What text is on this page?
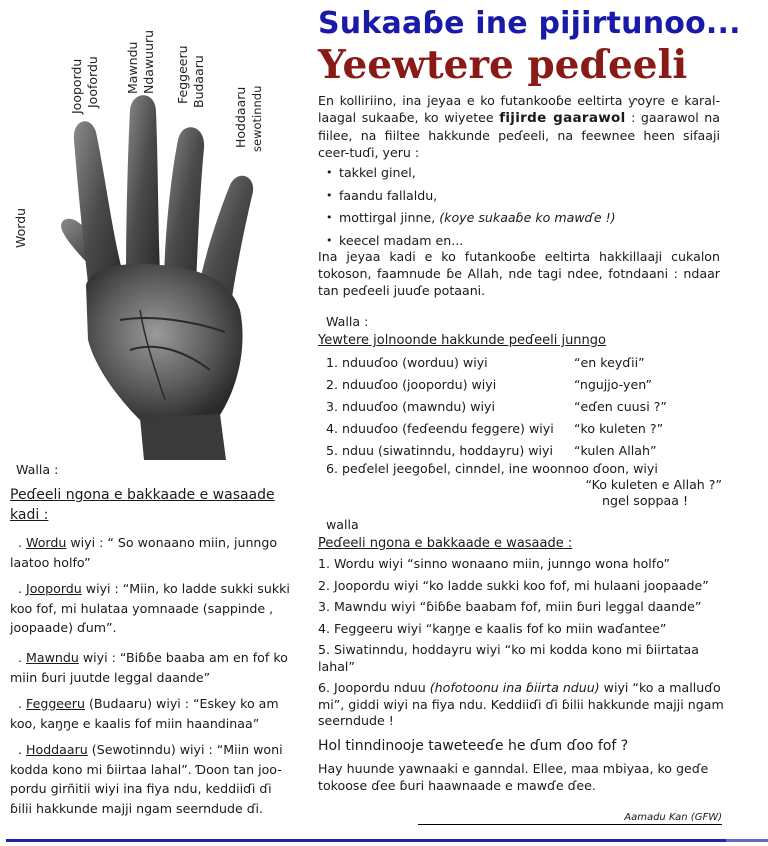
Wordu
Joopordu Joofordu Mawndu Ndawuuru Feggeeru Budaaru
Hoddaaru sewotinndu
Sukaaɓe ine pijirtunoo...
Yeewtere peɗeeli
En kolliriino, ina jeyaa e ko futankooɓe eeltirta ƴoyre e karal-laagal sukaaɓe, ko wiyetee fijirde gaarawol : gaarawol na fiilee, na fiiltee hakkunde peɗeeli, na feewnee heen sifaaji ceer-tuɗi, yeru :
• takkel ginel,
• faandu fallaldu,
• mottirgal jinne, (koye sukaaɓe ko mawɗe !)
• keecel madam en...
Ina jeyaa kadi e ko futankooɓe eeltirta hakkillaaji cukalon tokoson, faamnude ɓe Allah, nde tagi ndee, fotndaani : ndaar tan peɗeeli juuɗe potaani.
Walla :
Yewtere jolnoonde hakkunde peɗeeli junngo
1. nduuɗoo (worduu) wiyi	“en keyɗii”
2. nduuɗoo (joopordu) wiyi	“ngujjo-yen”
3. nduuɗoo (mawndu) wiyi	“eɗen cuusi ?”
4. nduuɗoo (feɗeendu feggere) wiyi	“ko kuleten ?”
5. nduu (siwatinndu, hoddayru) wiyi	“kulen Allah”
6. peɗelel jeegoɓel, cinndel, ine woonnoo ɗoon, wiyi
“Ko kuleten e Allah ?”
ngel soppaa !
walla
Peɗeeli ngona e bakkaade e wasaade :
1. Wordu wiyi “sinno wonaano miin, junngo wona holfo”
2. Joopordu wiyi “ko ladde sukki koo fof, mi hulaani joopaade”
3. Mawndu wiyi “ɓiɓɓe baabam fof, miin ɓuri leggal daande”
4. Feggeeru wiyi “kaŋŋe e kaalis fof ko miin waɗantee”
5. Siwatinndu, hoddayru wiyi “ko mi kodda kono mi ɓiirtataa lahal”
6. Joopordu nduu (hofotoonu ina ɓiirta nduu) wiyi “ko a malluɗo mi”, giddi wiyi na fiya ndu. Keddiiɗi ɗi ɓilii hakkunde majji ngam seerndude !
Hol tinndinooje taweteeɗe he ɗum ɗoo fof ?
Hay huunde yawnaaki e ganndal. Ellee, maa mbiyaa, ko geɗe tokoose ɗee ɓuri haawnaade e mawɗe ɗee.
Aamadu Kan (GFW)
Walla :
Peɗeeli ngona e bakkaade e wasaade
kadi :
. Wordu wiyi : “ So wonaano miin, junngo laatoo holfo”
. Joopordu wiyi : “Miin, ko ladde sukki sukki koo fof, mi hulataa yomnaade (sappinde , joopaade) ɗum”.
. Mawndu wiyi : “Biɓɓe baaba am en fof ko miin ɓuri juutde leggal daande”
. Feggeeru (Budaaru) wiyi : “Eskey ko am koo, kaŋŋe e kaalis fof miin haandinaa”
. Hoddaaru (Sewotinndu) wiyi : “Miin woni kodda kono mi ɓiirtaa lahal”. Ɗoon tan joo-pordu girñitii wiyi ina fiya ndu, keddiiɗi ɗi ɓilii hakkunde majji ngam seerndude ɗi.
